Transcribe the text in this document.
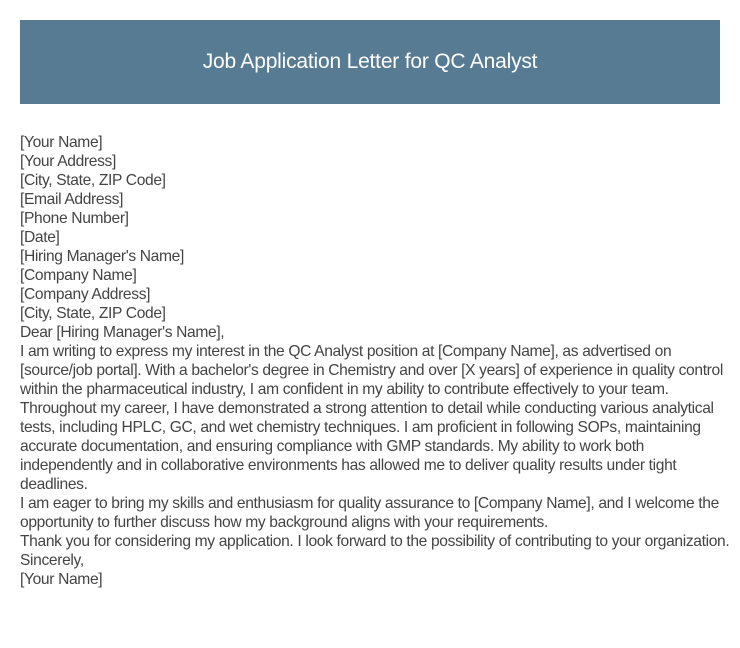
Job Application Letter for QC Analyst
[Your Name]
[Your Address]
[City, State, ZIP Code]
[Email Address]
[Phone Number]
[Date]
[Hiring Manager's Name]
[Company Name]
[Company Address]
[City, State, ZIP Code]
Dear [Hiring Manager's Name],
I am writing to express my interest in the QC Analyst position at [Company Name], as advertised on [source/job portal]. With a bachelor's degree in Chemistry and over [X years] of experience in quality control within the pharmaceutical industry, I am confident in my ability to contribute effectively to your team.
Throughout my career, I have demonstrated a strong attention to detail while conducting various analytical tests, including HPLC, GC, and wet chemistry techniques. I am proficient in following SOPs, maintaining accurate documentation, and ensuring compliance with GMP standards. My ability to work both independently and in collaborative environments has allowed me to deliver quality results under tight deadlines.
I am eager to bring my skills and enthusiasm for quality assurance to [Company Name], and I welcome the opportunity to further discuss how my background aligns with your requirements.
Thank you for considering my application. I look forward to the possibility of contributing to your organization.
Sincerely,
[Your Name]
